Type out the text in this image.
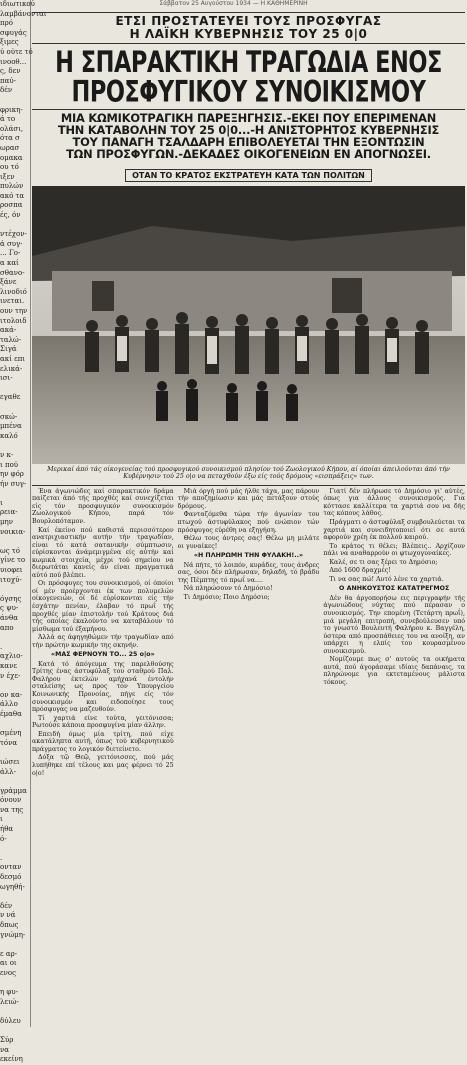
Σάββατον 25 Αυγούστου 1934 — Η ΚΑΘΗΜΕΡΙΝΗ
ιδιωτικού
λαμβάνονται
πρό
σφυγάς
ξιμες
ύ ούτε τό
ινοοθ...
ς, δεν
παύ-
δέν

φρικη-
ά το
ολάσι,
ότα σ
ωρασ
ομακα
ου τό
ιξεν
πυλών
ακό τα
ροσπα
ές, όν

ντέχον-
ά συγ-
... Γο-
α καί
σθανο-
ξάνε
λινοδιό
ινεται.
ουν την
ιτολοιδ
ακά-
ταλώ-
Σιγά
ακί επι
ελικά-
ισι-

εγαθε

σκώ-
μπένα
καλό

ν κ-
ι πού
ην φόρ
ήν συγ-

ι
ρεια-
μην
νοικια-

ως τό
γίνε το
υιοφει
ιτοχύ-

όγσης
ς ψυ-
άνθα
απο

.
αχλιο-
κανε
ν έχε-

ον κα-
άλλο
έμαθα

σμένη
τόνα

ιώσει
άλλ-

γράμμα
όνουν
να της
ι
ήθα
ό-

.
ονταν
δεσμό
ωγηθή-

δέν
ν νά
δπως
γνώμη-

ε αρ-
αι οι
ενος

η φυ-
λειώ-

δύλευ

Σύρ
να
εκείνη
ΕΤΣΙ ΠΡΟΣΤΑΤΕΥΕΙ ΤΟΥΣ ΠΡΟΣΦΥΓΑΣ
Η ΛΑΪΚΗ ΚΥΒΕΡΝΗΣΙΣ ΤΟΥ 25 0|0
Η ΣΠΑΡΑΚΤΙΚΗ ΤΡΑΓΩΔΙΑ ΕΝΟΣ
ΠΡΟΣΦΥΓΙΚΟΥ ΣΥΝΟΙΚΙΣΜΟΥ
ΜΙΑ ΚΩΜΙΚΟΤΡΑΓΙΚΗ ΠΑΡΕΞΗΓΗΣΙΣ.-ΕΚΕΙ ΠΟΥ ΕΠΕΡΙΜΕΝΑΝ
ΤΗΝ ΚΑΤΑΒΟΛΗΝ ΤΟΥ 25 0|0...-Η ΑΝΙΣΤΟΡΗΤΟΣ ΚΥΒΕΡΝΗΣΙΣ
ΤΟΥ ΠΑΝΑΓΗ ΤΣΑΛΔΑΡΗ ΕΠΙΒΟΛΕΥΕΤΑΙ ΤΗΝ ΕΞΟΝΤΩΣΙΝ
ΤΩΝ ΠΡΟΣΦΥΓΩΝ.-ΔΕΚΑΔΕΣ ΟΙΚΟΓΕΝΕΙΩΝ ΕΝ ΑΠΟΓΝΩΣΕΙ.
ΟΤΑΝ ΤΟ ΚΡΑΤΟΣ ΕΚΣΤΡΑΤΕΥΗ ΚΑΤΑ ΤΩΝ ΠΟΛΙΤΩΝ
Μερικαί άπό τάς οίκογενείας τού προσφυγικού συνοικισμού πλησίον τού Ζωολογικού Κήπου, αί όποίαι άπειλούνται άπό τήν Κυβέρνησιν τού 25 ο|ο να πεταχθούν έξω είς τούς δρόμους «εισπράξεις» των.

Ένα άγωνιώδες καί σπαρακτικόν δράμα παίζεται άπό τής προχθές καί συνεχίζεται είς τόν προσφυγικόν συνοικισμόν Ζωολογικού Κήπου, παρά τόν Βουρλοπόταμον.

Καί έκείνο πού καθιστά περισσότερον ανατριχιαστικήν αυτήν τήν τραγωδίαν, είναι τό κατά σατανικήν σύμπτωσιν, εύρίσκονται άνάμεμιγμένα είς αύτήν καί κωμικά στοιχεία, μέχρι τού σημείου να διερωτάται κανείς άν είναι πραγματικά αύτό πού βλέπει.

Οι πρόσφυγες του συνοικισμού, οί όποίοι οί μέν προέρχονται έκ των πολυμελών οίκογενειών, οί δέ εύρίσκονται είς τήν έσχάτην πενίαν, έλαβαν τό πρωΐ τής προχθές μίαν έπιστολήν τού Κράτους διά τής οποίας έκαλούντο να καταβάλουν τό μίσθωμα τού έξαμήνου.

Άλλά ας άφηγηθώμεν τήν τραγωδίαν από τήν πρώτην κωμικήν της σκηνήν.

«ΜΑΣ ΦΕΡΝΟΥΝ ΤΟ... 25 ο|ο»

Κατά τό άπόγευμα της παρελθούσης Τρίτης ένας άστυφύλαξ του σταθμού Παλ. Φαλήρου έκτελών αμήχανά έντολήν σταλείσης ως προς τον Υπουργείου Κοινωνικής Προνοίας, πήγε είς τόν συνοικισμόν και ειδοποίησε τους πρόσφυγας να μαζευθούν.

Τί χαρτιά είνε τούτα, γειτόνισσα; Ρωτούσε κάποια προσφυγίνα μίαν άλλην.

Επειδή όμως μία τρίτη, πού είχε ακατάληπτα αυτή, όπως τού κυβερνητικού πράγματος το λογικόν διετείνετο.

Δόξα τῷ Θεῷ, γειτόνισσες, πού μάς λυπήθηκε επί τέλους και μας φέρνει τό 25 ο|ο!

Μιά όργή πού μάς ήλθε τάχα, μας πάρουν τήν αποζημίωσιν και μάς πετάξουν στούς δρόμους.

Φανταζόμεθα τώρα τήν άγωνίαν του πτωχού άστυφύλακος πού ενώπιον τών πρόσφυγος εύρέθη να εξηγήση.

Θέλω τους άντρες σας! Θέλω μη μιλάτε οι γυναίκες!

«Η ΠΛΗΡΩΜΗ ΤΗΝ ΦΥΛΑΚΗ!..»

Νά πήτε, τό λοιπόν, κυράδες, τους άνδρες σας, όσοι δέν πλήρωσαν, δηλαδή, τό βράδυ της Πέμπτης τό πρωΐ να....

Νά πληρώσουν τό Δημόσιο!

Τι Δημόσιο; Ποιο Δημόσιο;

Γιατί δέν πλήρωσε τό Δημόσιο γι' αύτές, όπως για άλλους συνοικισμούς. Για κόττασε καλλίτερα τα χαρτιά σου να δής τας κόπους λάθος.

Πράγματι ο άστυφύλαξ συμβουλεύεται τα χαρτιά και συνειδητοποιεί ότι σε αυτά αφορούν χρέη έκ πολλού καιρού.

Το κράτος τι θέλει; Βλέπεις.. Αρχίζουν πάλι να αναθαρρούν οι φτωχογυναίκες.

Καλέ, σε τι σας ξέρει το Δημόσιο;

Από 1600 δραχμές!

Τι να σας πώ! Αυτό λένε τα χαρτιά.

Ο ΑΝΗΚΟΥΣΤΟΣ ΚΑΤΑΤΡΕΓΜΟΣ

Δέν θα άργοπορήσω εις περιγραφήν τής άγωνιώδους νύχτας πού πέρασαν ο συνοικισμός. Την επομένη (Τετάρτη πρωΐ), μιά μεγάλη επιτροπή, συνεβούλευσεν υπό το γνωστό Βουλευτή Φαλήρου κ. Βαγγέλη, ύστερα από προσπάθειες του να ανοίξη, αν υπάρχει η ελπίς του κουρασμένου συνοικισμού.

Νομίζουμε πως σ' αυτούς τα οικήματα αυτά, πού άγοράσαμε ιδίαις δαπάναις, τα πληρώνομε για εκτεταμένους μάλιστα τόκους.
